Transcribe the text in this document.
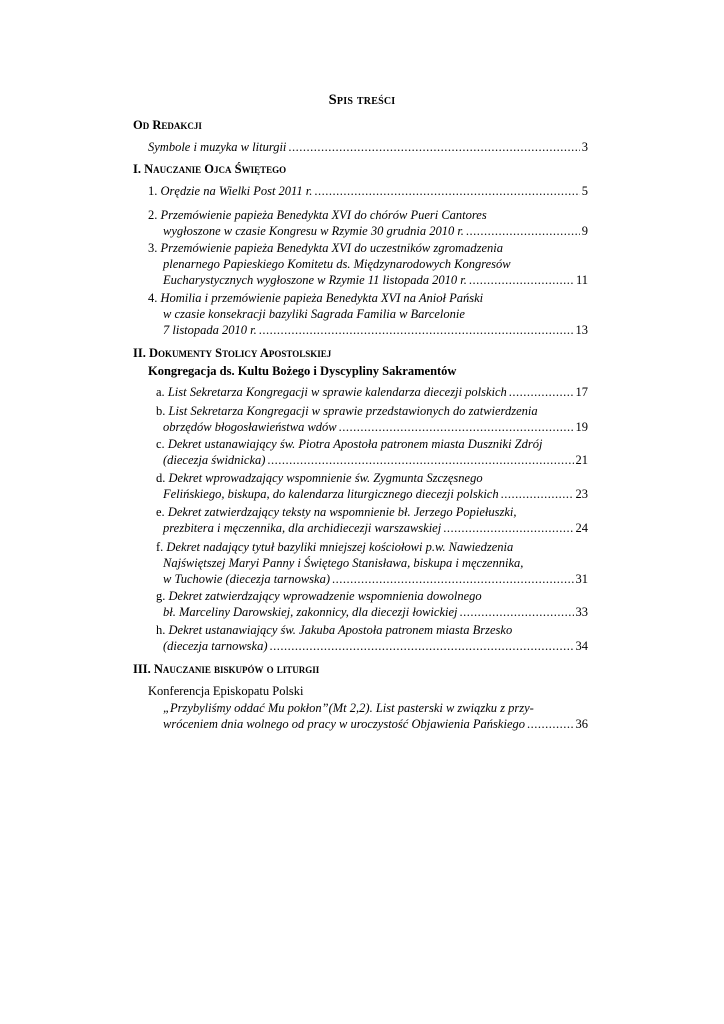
Spis treści
Od Redakcji
Symbole i muzyka w liturgii .....	3
I. Nauczanie Ojca Świętego
1. Orędzie na Wielki Post 2011 r. .....	5
2. Przemówienie papieża Benedykta XVI do chórów Pueri Cantores
wygłoszone w czasie Kongresu w Rzymie 30 grudnia 2010 r. .....	9
3. Przemówienie papieża Benedykta XVI do uczestników zgromadzenia
plenarnego Papieskiego Komitetu ds. Międzynarodowych Kongresów
Eucharystycznych wygłoszone w Rzymie 11 listopada 2010 r. .....	11
4. Homilia i przemówienie papieża Benedykta XVI na Anioł Pański
w czasie konsekracji bazyliki Sagrada Familia w Barcelonie
7 listopada 2010 r. .....	13
II. Dokumenty Stolicy Apostolskiej
Kongregacja ds. Kultu Bożego i Dyscypliny Sakramentów
a. List Sekretarza Kongregacji w sprawie kalendarza diecezji polskich .....	17
b. List Sekretarza Kongregacji w sprawie przedstawionych do zatwierdzenia
obrzędów błogosławieństwa wdów .....	19
c. Dekret ustanawiający św. Piotra Apostoła patronem miasta Duszniki Zdrój
(diecezja świdnicka) .....	21
d. Dekret wprowadzający wspomnienie św. Zygmunta Szczęsnego
Felińskiego, biskupa, do kalendarza liturgicznego diecezji polskich .....	23
e. Dekret zatwierdzający teksty na wspomnienie bł. Jerzego Popiełuszki,
prezbitera i męczennika, dla archidiecezji warszawskiej .....	24
f. Dekret nadający tytuł bazyliki mniejszej kościołowi p.w. Nawiedzenia
Najświętszej Maryi Panny i Świętego Stanisława, biskupa i męczennika,
w Tuchowie (diecezja tarnowska) .....	31
g. Dekret zatwierdzający wprowadzenie wspomnienia dowolnego
bł. Marceliny Darowskiej, zakonnicy, dla diecezji łowickiej .....	33
h. Dekret ustanawiający św. Jakuba Apostoła patronem miasta Brzesko
(diecezja tarnowska) .....	34
III. Nauczanie biskupów o liturgii
Konferencja Episkopatu Polski
„Przybyliśmy oddać Mu pokłon”(Mt 2,2). List pasterski w związku z przy-
wróceniem dnia wolnego od pracy w uroczystość Objawienia Pańskiego .....	36
